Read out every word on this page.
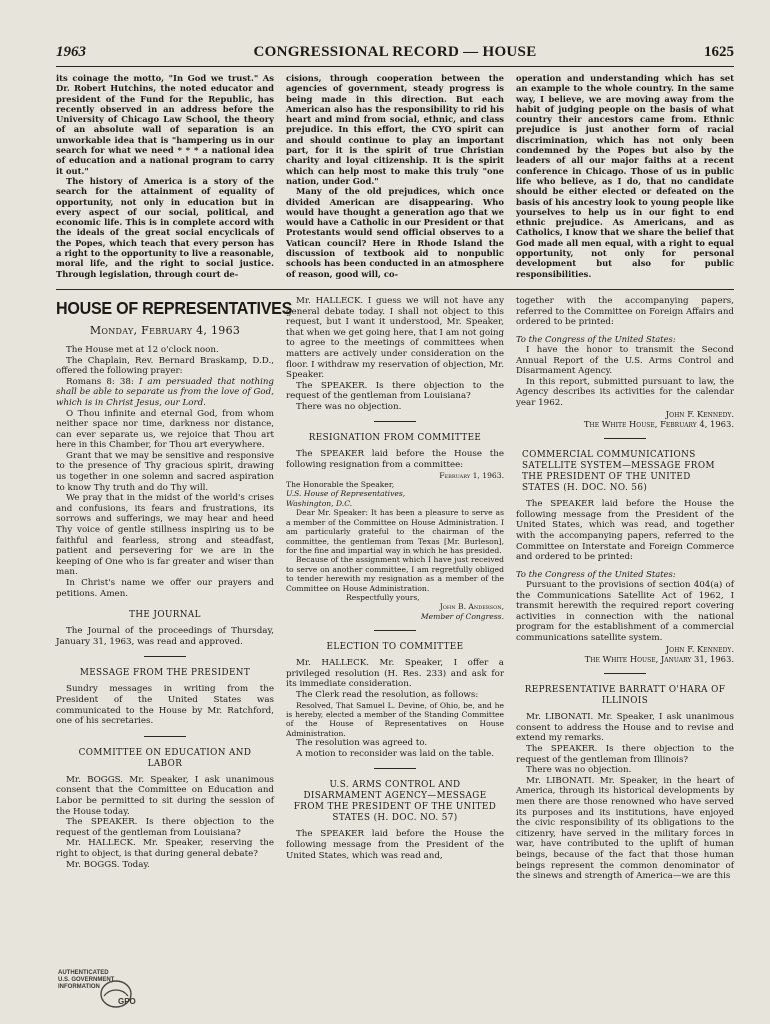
1963	CONGRESSIONAL RECORD — HOUSE	1625

its coinage the motto, "In God we trust." As Dr. Robert Hutchins, the noted educator and president of the Fund for the Republic, has recently observed in an address before the University of Chicago Law School, the theory of an absolute wall of separation is an unworkable idea that is "hampering us in our search for what we need * * * a national idea of education and a national program to carry it out."

The history of America is a story of the search for the attainment of equality of opportunity, not only in education but in every aspect of our social, political, and economic life. This is in complete accord with the ideals of the great social encyclicals of the Popes, which teach that every person has a right to the opportunity to live a reasonable, moral life, and the right to social justice. Through legislation, through court de-

cisions, through cooperation between the agencies of government, steady progress is being made in this direction. But each American also has the responsibility to rid his heart and mind from social, ethnic, and class prejudice. In this effort, the CYO spirit can and should continue to play an important part, for it is the spirit of true Christian charity and loyal citizenship. It is the spirit which can help most to make this truly "one nation, under God."

Many of the old prejudices, which once divided American are disappearing. Who would have thought a generation ago that we would have a Catholic in our President or that Protestants would send official observes to a Vatican council? Here in Rhode Island the discussion of textbook aid to nonpublic schools has been conducted in an atmosphere of reason, good will, co-

operation and understanding which has set an example to the whole country. In the same way, I believe, we are moving away from the habit of judging people on the basis of what country their ancestors came from. Ethnic prejudice is just another form of racial discrimination, which has not only been condemned by the Popes but also by the leaders of all our major faiths at a recent conference in Chicago. Those of us in public life who believe, as I do, that no candidate should be either elected or defeated on the basis of his ancestry look to young people like yourselves to help us in our fight to end ethnic prejudice. As Americans, and as Catholics, I know that we share the belief that God made all men equal, with a right to equal opportunity, not only for personal development but also for public responsibilities.

HOUSE OF REPRESENTATIVES
Monday, February 4, 1963

The House met at 12 o'clock noon.

The Chaplain, Rev. Bernard Braskamp, D.D., offered the following prayer:

Romans 8: 38: I am persuaded that nothing shall be able to separate us from the love of God, which is in Christ Jesus, our Lord.

O Thou infinite and eternal God, from whom neither space nor time, darkness nor distance, can ever separate us, we rejoice that Thou art here in this Chamber, for Thou art everywhere.

Grant that we may be sensitive and responsive to the presence of Thy gracious spirit, drawing us together in one solemn and sacred aspiration to know Thy truth and do Thy will.

We pray that in the midst of the world's crises and confusions, its fears and frustrations, its sorrows and sufferings, we may hear and heed Thy voice of gentle stillness inspiring us to be faithful and fearless, strong and steadfast, patient and persevering for we are in the keeping of One who is far greater and wiser than man.

In Christ's name we offer our prayers and petitions. Amen.

THE JOURNAL

The Journal of the proceedings of Thursday, January 31, 1963, was read and approved.

MESSAGE FROM THE PRESIDENT

Sundry messages in writing from the President of the United States was communicated to the House by Mr. Ratchford, one of his secretaries.

COMMITTEE ON EDUCATION AND LABOR

Mr. BOGGS. Mr. Speaker, I ask unanimous consent that the Committee on Education and Labor be permitted to sit during the session of the House today.

The SPEAKER. Is there objection to the request of the gentleman from Louisiana?

Mr. HALLECK. Mr. Speaker, reserving the right to object, is that during general debate?

Mr. BOGGS. Today.

Mr. HALLECK. I guess we will not have any general debate today. I shall not object to this request, but I want it understood, Mr. Speaker, that when we get going here, that I am not going to agree to the meetings of committees when matters are actively under consideration on the floor. I withdraw my reservation of objection, Mr. Speaker.

The SPEAKER. Is there objection to the request of the gentleman from Louisiana?

There was no objection.

RESIGNATION FROM COMMITTEE

The SPEAKER laid before the House the following resignation from a committee:

February 1, 1963.

The Honorable the Speaker,

U.S. House of Representatives,

Washington, D.C.

Dear Mr. Speaker: It has been a pleasure to serve as a member of the Committee on House Administration. I am particularly grateful to the chairman of the committee, the gentleman from Texas [Mr. Burleson], for the fine and impartial way in which he has presided.

Because of the assignment which I have just received to serve on another committee, I am regretfully obliged to tender herewith my resignation as a member of the Committee on House Administration.

Respectfully yours,

John B. Anderson,

Member of Congress.

ELECTION TO COMMITTEE

Mr. HALLECK. Mr. Speaker, I offer a privileged resolution (H. Res. 233) and ask for its immediate consideration.

The Clerk read the resolution, as follows:

Resolved, That Samuel L. Devine, of Ohio, be, and he is hereby, elected a member of the Standing Committee of the House of Representatives on House Administration.

The resolution was agreed to.

A motion to reconsider was laid on the table.

U.S. ARMS CONTROL AND DISARMAMENT AGENCY—MESSAGE FROM THE PRESIDENT OF THE UNITED STATES (H. DOC. NO. 57)

The SPEAKER laid before the House the following message from the President of the United States, which was read and,

together with the accompanying papers, referred to the Committee on Foreign Affairs and ordered to be printed:

To the Congress of the United States:

I have the honor to transmit the Second Annual Report of the U.S. Arms Control and Disarmament Agency.

In this report, submitted pursuant to law, the Agency describes its activities for the calendar year 1962.

John F. Kennedy.

The White House, February 4, 1963.

COMMERCIAL COMMUNICATIONS SATELLITE SYSTEM—MESSAGE FROM THE PRESIDENT OF THE UNITED STATES (H. DOC. NO. 56)

The SPEAKER laid before the House the following message from the President of the United States, which was read, and together with the accompanying papers, referred to the Committee on Interstate and Foreign Commerce and ordered to be printed:

To the Congress of the United States:

Pursuant to the provisions of section 404(a) of the Communications Satellite Act of 1962, I transmit herewith the required report covering activities in connection with the national program for the establishment of a commercial communications satellite system.

John F. Kennedy.

The White House, January 31, 1963.

REPRESENTATIVE BARRATT O'HARA OF ILLINOIS

Mr. LIBONATI. Mr. Speaker, I ask unanimous consent to address the House and to revise and extend my remarks.

The SPEAKER. Is there objection to the request of the gentleman from Illinois?

There was no objection.

Mr. LIBONATI. Mr. Speaker, in the heart of America, through its historical developments by men there are those renowned who have served its purposes and its institutions, have enjoyed the civic responsibility of its obligations to the citizenry, have served in the military forces in war, have contributed to the uplift of human beings, because of the fact that those human beings represent the common denominator of the sinews and strength of America—we are this

AUTHENTICATED
U.S. GOVERNMENT
INFORMATION
GPO
